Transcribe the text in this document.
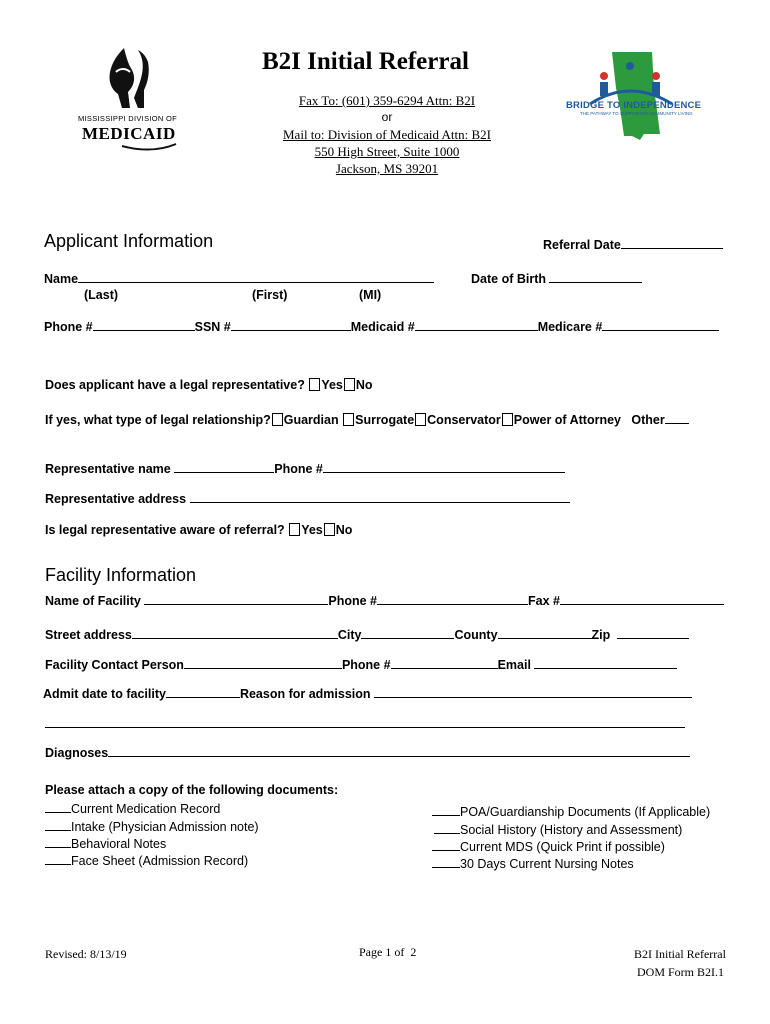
MISSISSIPPI DIVISION OF
MEDICAID
B2I Initial Referral
Fax To: (601) 359-6294 Attn: B2I
or
Mail to: Division of Medicaid Attn: B2I
550 High Street, Suite 1000
Jackson, MS 39201
BRIDGE TO INDEPENDENCE
THE PATHWAY TO SUPPORTED COMMUNITY LIVING
Applicant Information	Referral Date
Name	Date of Birth
(Last)	(First)	(MI)
Phone #	SSN #	Medicaid #	Medicare #
Does applicant have a legal representative? Yes No
If yes, what type of legal relationship? Guardian Surrogate Conservator Power of Attorney Other
Representative name	Phone #
Representative address
Is legal representative aware of referral? Yes No
Facility Information
Name of Facility	Phone #	Fax #
Street address	City	County	Zip
Facility Contact Person	Phone #	Email
Admit date to facility	Reason for admission
Diagnoses
Please attach a copy of the following documents:
Current Medication Record
Intake (Physician Admission note)
Behavioral Notes
Face Sheet (Admission Record)
POA/Guardianship Documents (If Applicable)
Social History (History and Assessment)
Current MDS (Quick Print if possible)
30 Days Current Nursing Notes
Revised: 8/13/19	Page 1 of  2	B2I Initial Referral
DOM Form B2I.1
